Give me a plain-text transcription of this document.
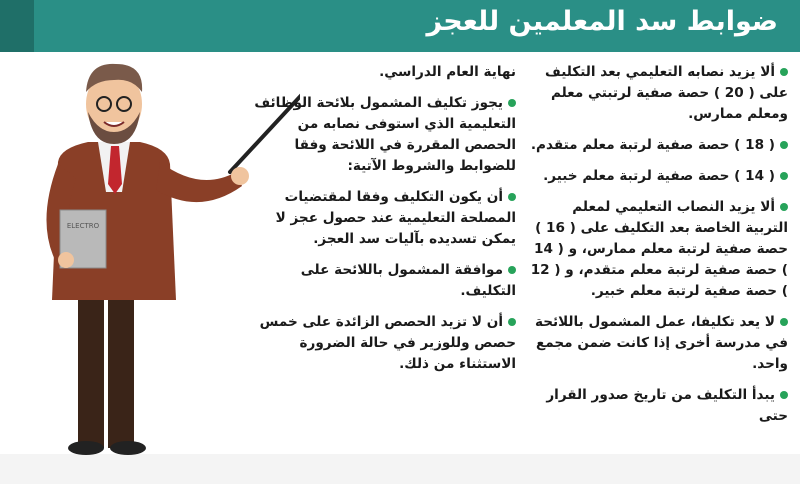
ضوابط سد المعلمين للعجز
ELECTRO
ألا يزيد نصابه التعليمي بعد التكليف على ( 20 ) حصة صفية لرتبتي معلم ومعلم ممارس.
( 18 ) حصة صفية لرتبة معلم متقدم.
( 14 ) حصة صفية لرتبة معلم خبير.
ألا يزيد النصاب التعليمي لمعلم التربية الخاصة بعد التكليف على ( 16 ) حصة صفية لرتبة معلم ممارس، و ( 14 ) حصة صفية لرتبة معلم متقدم، و ( 12 ) حصة صفية لرتبة معلم خبير.
لا يعد تكليفا، عمل المشمول باللائحة في مدرسة أخرى إذا كانت ضمن مجمع واحد.
يبدأ التكليف من تاريخ صدور القرار حتى
نهاية العام الدراسي.
يجوز تكليف المشمول بلائحة الوظائف التعليمية الذي استوفى نصابه من الحصص المقررة في اللائحة وفقا للضوابط والشروط الآتية:
أن يكون التكليف وفقا لمقتضيات المصلحة التعليمية عند حصول عجز لا يمكن تسديده بآليات سد العجز.
موافقة المشمول باللائحة على التكليف.
أن لا تزيد الحصص الزائدة على خمس حصص وللوزير في حالة الضرورة الاستثناء من ذلك.
